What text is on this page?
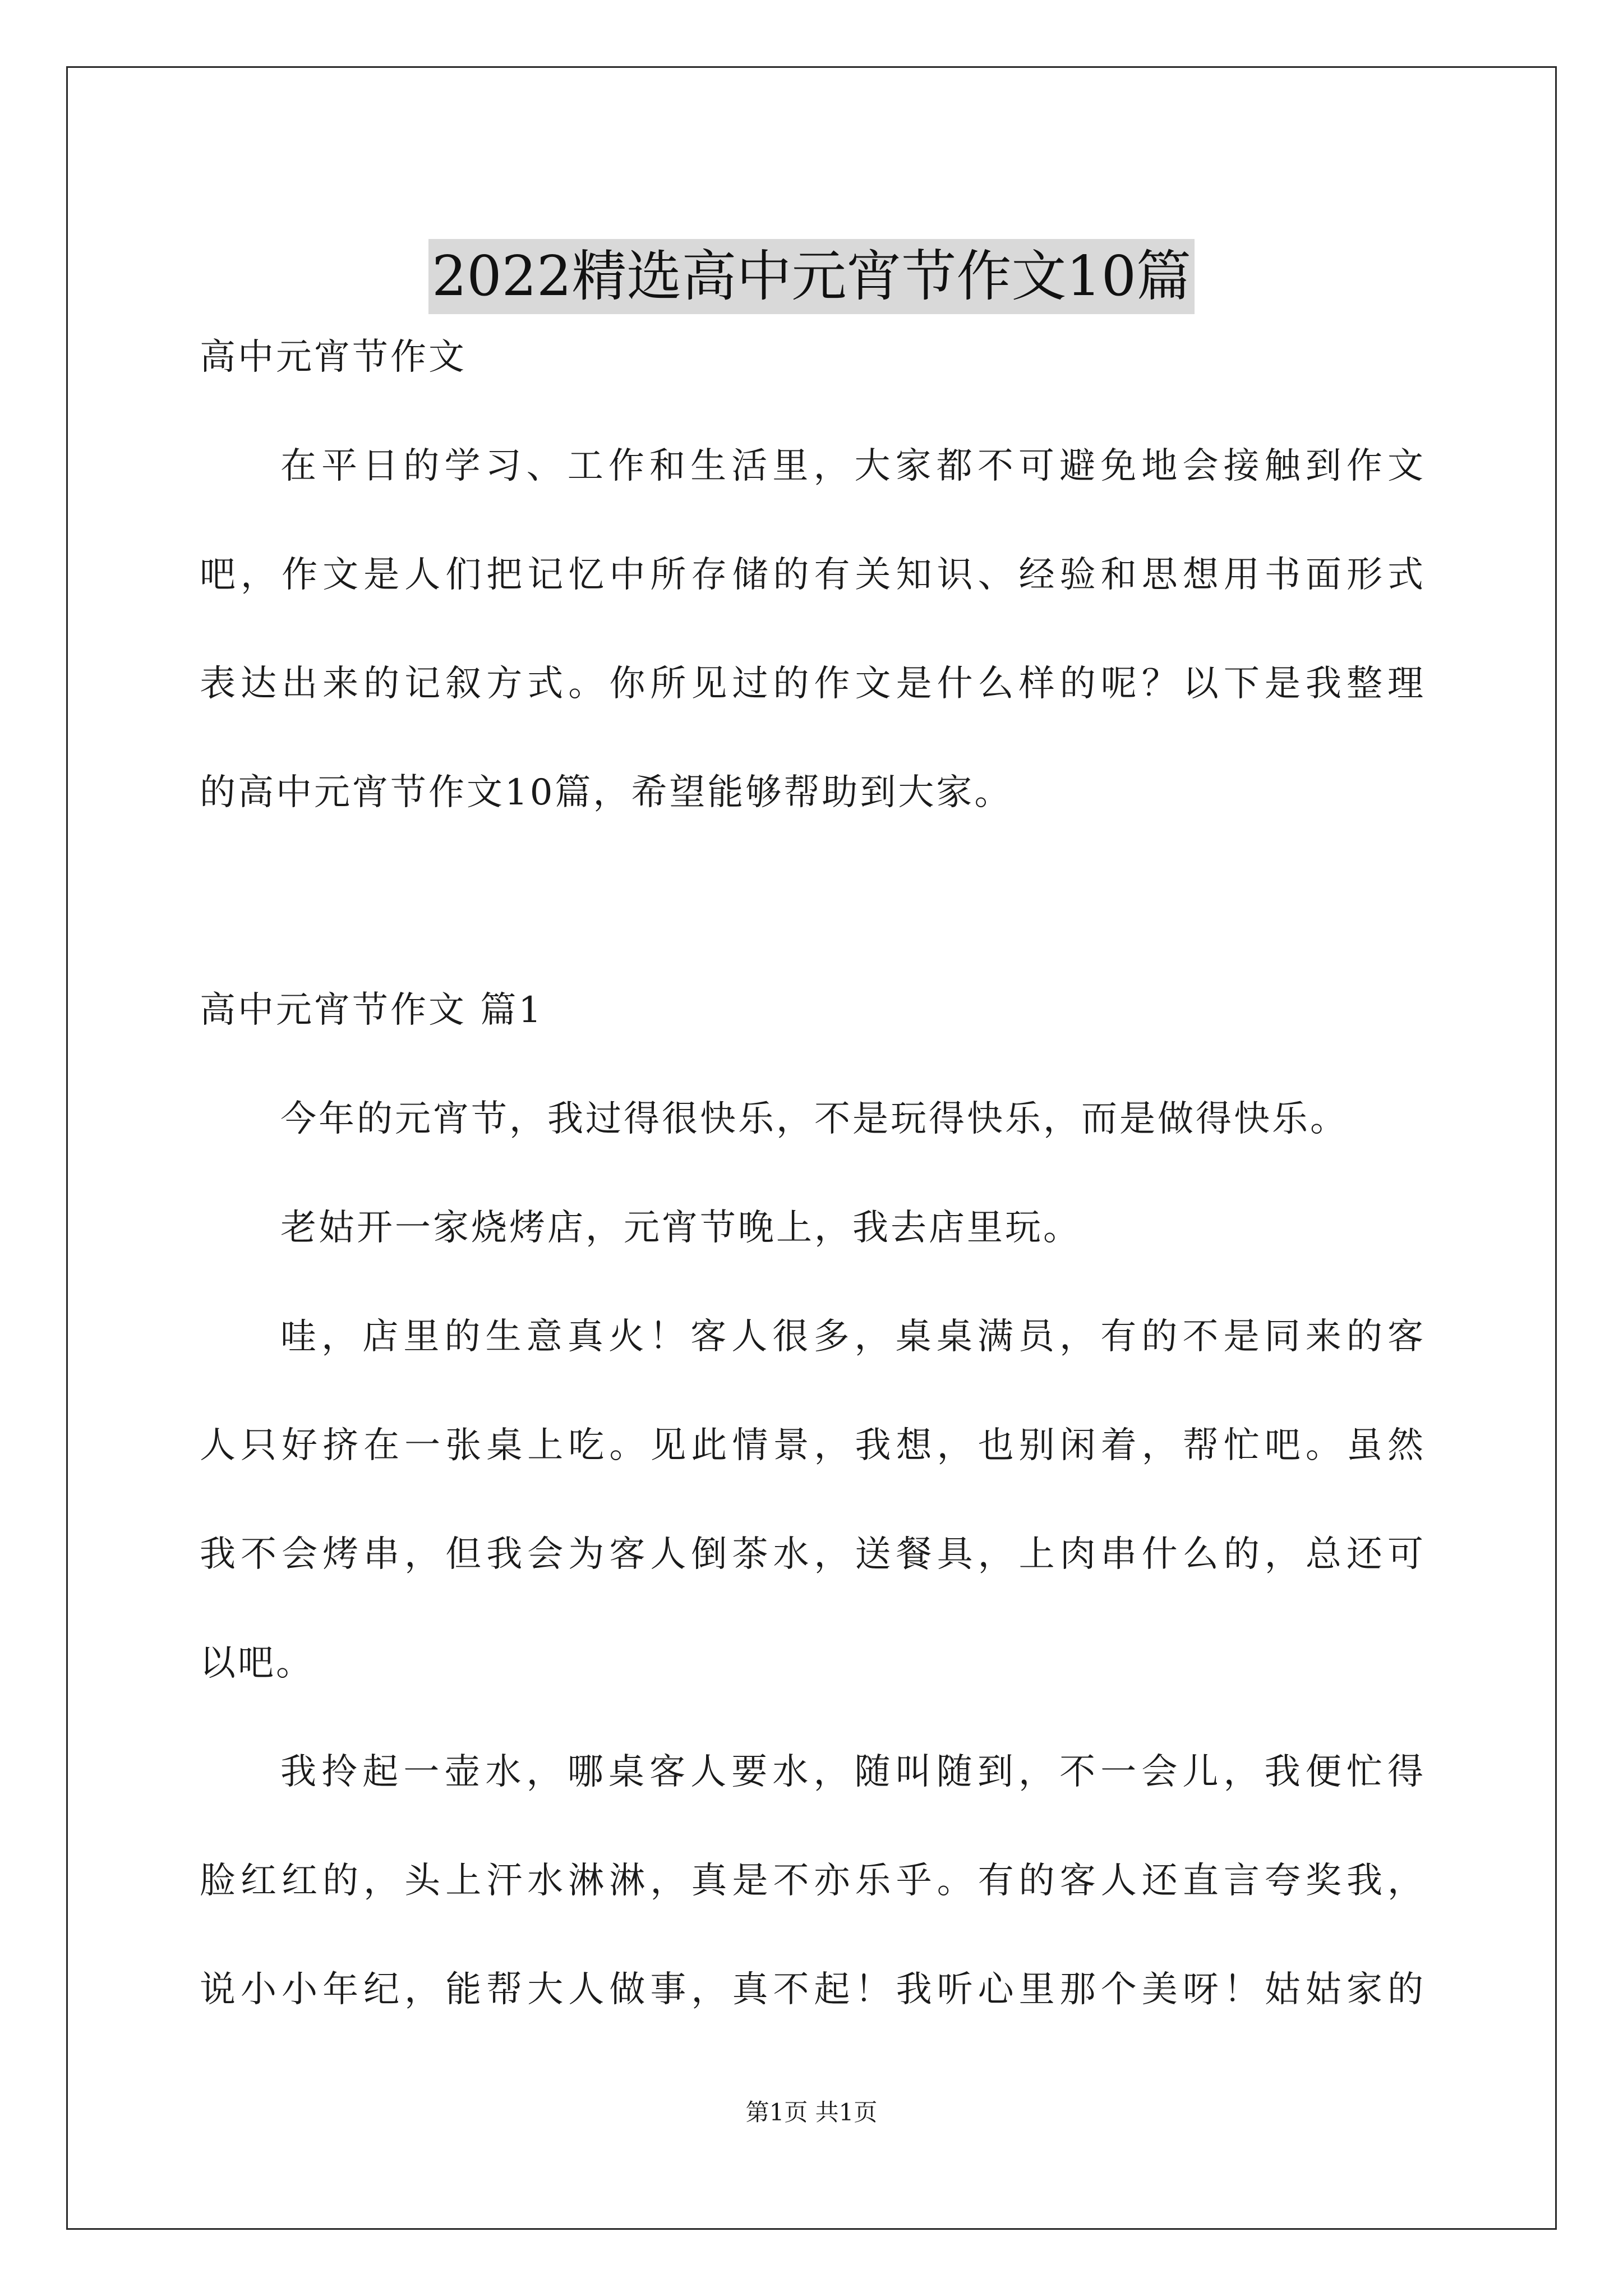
2022精选高中元宵节作文10篇

高中元宵节作文

在平日的学习、工作和生活里，大家都不可避免地会接触到作文

吧，作文是人们把记忆中所存储的有关知识、经验和思想用书面形式

表达出来的记叙方式。你所见过的作文是什么样的呢？以下是我整理

的高中元宵节作文10篇，希望能够帮助到大家。

高中元宵节作文 篇1

今年的元宵节，我过得很快乐，不是玩得快乐，而是做得快乐。

老姑开一家烧烤店，元宵节晚上，我去店里玩。

哇，店里的生意真火！客人很多，桌桌满员，有的不是同来的客

人只好挤在一张桌上吃。见此情景，我想，也别闲着，帮忙吧。虽然

我不会烤串，但我会为客人倒茶水，送餐具，上肉串什么的，总还可

以吧。

我拎起一壶水，哪桌客人要水，随叫随到，不一会儿，我便忙得

脸红红的，头上汗水淋淋，真是不亦乐乎。有的客人还直言夸奖我，

说小小年纪，能帮大人做事，真不起！我听心里那个美呀！姑姑家的

第1页 共1页
